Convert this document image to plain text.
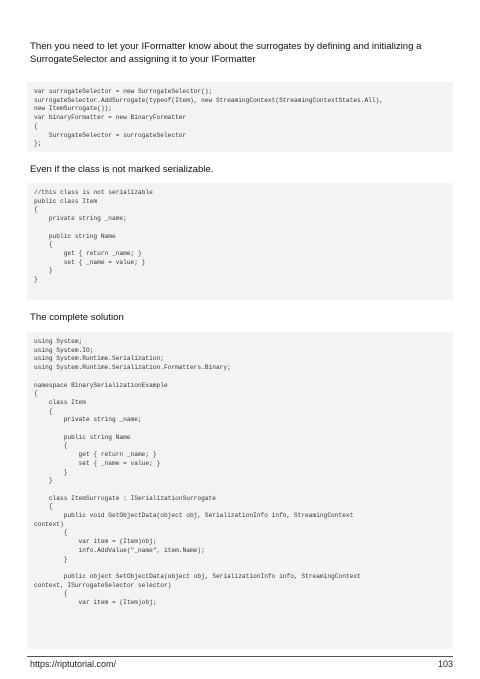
Then you need to let your IFormatter know about the surrogates by defining and initializing a SurrogateSelector and assigning it to your IFormatter

var surrogateSelector = new SurrogateSelector();
surrogateSelector.AddSurrogate(typeof(Item), new StreamingContext(StreamingContextStates.All),
new ItemSurrogate());
var binaryFormatter = new BinaryFormatter
{
SurrogateSelector = surrogateSelector
};

Even if the class is not marked serializable.

//this class is not serializable
public class Item
{
private string _name;

public string Name
{
get { return _name; }
set { _name = value; }
}
}

The complete solution

using System;
using System.IO;
using System.Runtime.Serialization;
using System.Runtime.Serialization.Formatters.Binary;

namespace BinarySerializationExample
{
class Item
{
private string _name;

public string Name
{
get { return _name; }
set { _name = value; }
}
}

class ItemSurrogate : ISerializationSurrogate
{
public void GetObjectData(object obj, SerializationInfo info, StreamingContext
context)
{
var item = (Item)obj;
info.AddValue("_name", item.Name);
}

public object SetObjectData(object obj, SerializationInfo info, StreamingContext
context, ISurrogateSelector selector)
{
var item = (Item)obj;
https://riptutorial.com/	103
